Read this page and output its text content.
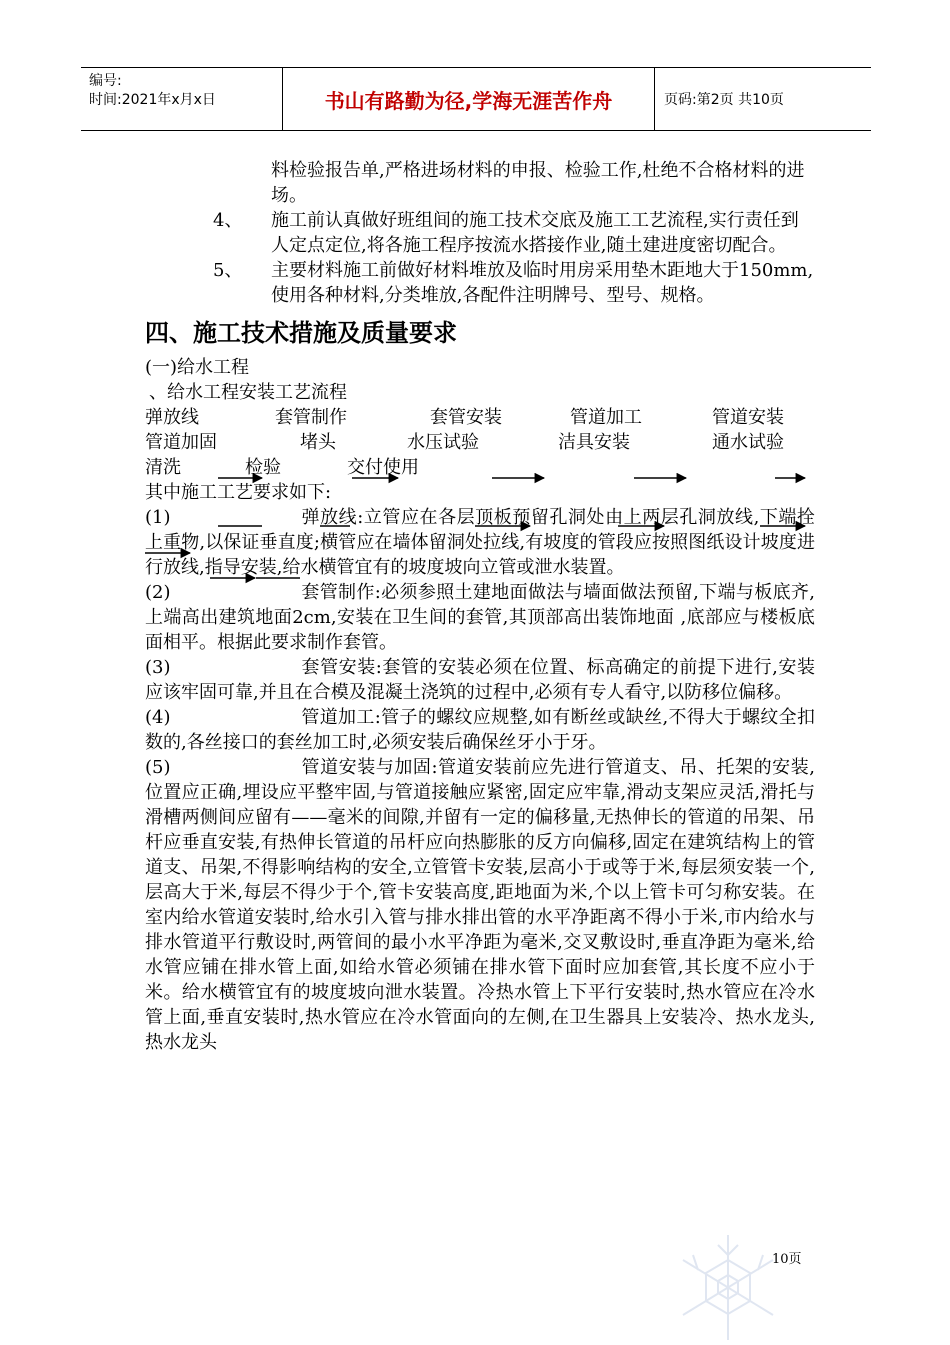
编号:
时间:2021年x月x日	书山有路勤为径,学海无涯苦作舟	页码:第2页 共10页
料检验报告单,严格进场材料的申报、检验工作,杜绝不合格材料的进场。
4、 施工前认真做好班组间的施工技术交底及施工工艺流程,实行责任到人定点定位,将各施工程序按流水搭接作业,随土建进度密切配合。
5、 主要材料施工前做好材料堆放及临时用房采用垫木距地大于150mm,使用各种材料,分类堆放,各配件注明牌号、型号、规格。
四、施工技术措施及质量要求
(一)给水工程
、给水工程安装工艺流程
弹放线	套管制作	套管安装	管道加工	管道安装
管道加固	堵头	水压试验	洁具安装	通水试验
清洗	检验	交付使用
其中施工工艺要求如下:
(1)	弹放线:立管应在各层顶板预留孔洞处由上两层孔洞放线,下端拴上重物,以保证垂直度;横管应在墙体留洞处拉线,有坡度的管段应按照图纸设计坡度进行放线,指导安装,给水横管宜有的坡度坡向立管或泄水装置。
(2)	套管制作:必须参照土建地面做法与墙面做法预留,下端与板底齐,上端高出建筑地面2cm,安装在卫生间的套管,其顶部高出装饰地面 ,底部应与楼板底面相平。根据此要求制作套管。
(3)	套管安装:套管的安装必须在位置、标高确定的前提下进行,安装应该牢固可靠,并且在合模及混凝土浇筑的过程中,必须有专人看守,以防移位偏移。
(4)	管道加工:管子的螺纹应规整,如有断丝或缺丝,不得大于螺纹全扣数的,各丝接口的套丝加工时,必须安装后确保丝牙小于牙。
(5)	管道安装与加固:管道安装前应先进行管道支、吊、托架的安装,位置应正确,埋设应平整牢固,与管道接触应紧密,固定应牢靠,滑动支架应灵活,滑托与滑槽两侧间应留有——毫米的间隙,并留有一定的偏移量,无热伸长的管道的吊架、吊杆应垂直安装,有热伸长管道的吊杆应向热膨胀的反方向偏移,固定在建筑结构上的管道支、吊架,不得影响结构的安全,立管管卡安装,层高小于或等于米,每层须安装一个,层高大于米,每层不得少于个,管卡安装高度,距地面为米,个以上管卡可匀称安装。在室内给水管道安装时,给水引入管与排水排出管的水平净距离不得小于米,市内给水与排水管道平行敷设时,两管间的最小水平净距为毫米,交叉敷设时,垂直净距为毫米,给水管应铺在排水管上面,如给水管必须铺在排水管下面时应加套管,其长度不应小于米。给水横管宜有的坡度坡向泄水装置。冷热水管上下平行安装时,热水管应在冷水管上面,垂直安装时,热水管应在冷水管面向的左侧,在卫生器具上安装冷、热水龙头,热水龙头
10页
